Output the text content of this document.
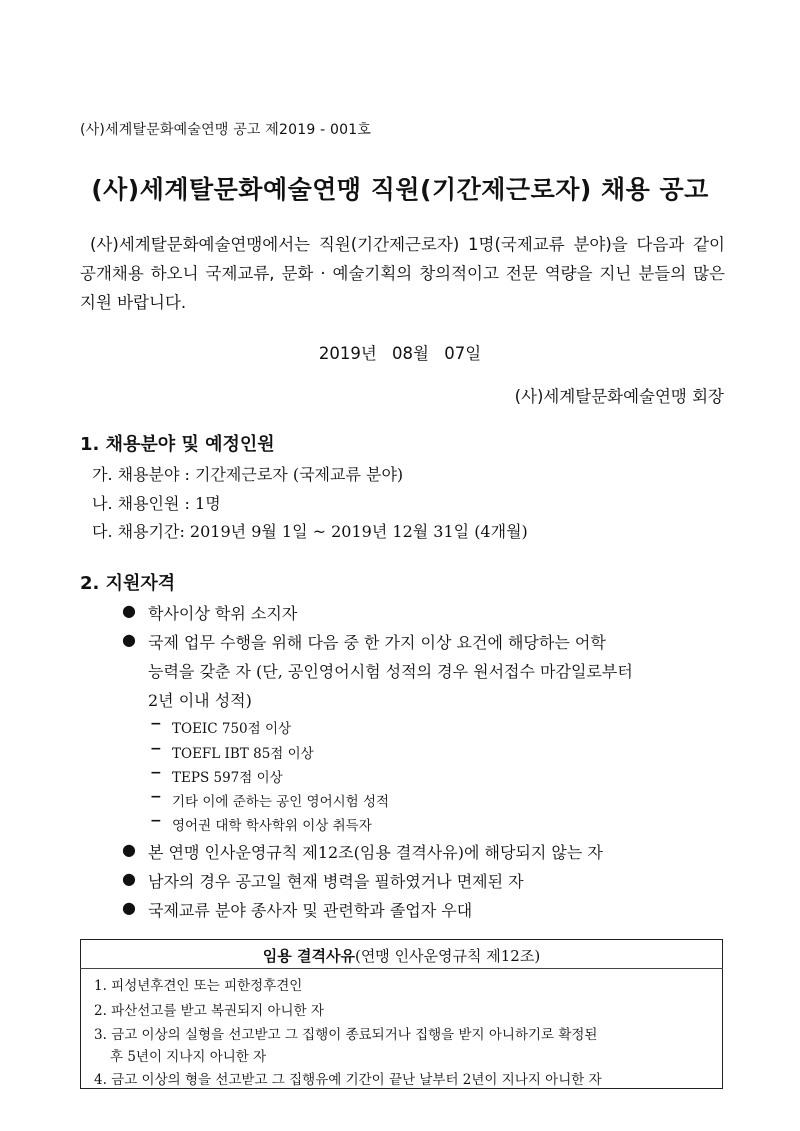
(사)세계탈문화예술연맹 공고 제2019 - 001호
(사)세계탈문화예술연맹 직원(기간제근로자) 채용 공고
(사)세계탈문화예술연맹에서는 직원(기간제근로자) 1명(국제교류 분야)을 다음과 같이 공개채용 하오니 국제교류, 문화 · 예술기획의 창의적이고 전문 역량을 지닌 분들의 많은 지원 바랍니다.
2019년 08월 07일
(사)세계탈문화예술연맹 회장
1. 채용분야 및 예정인원
가. 채용분야 : 기간제근로자 (국제교류 분야)
나. 채용인원 : 1명
다. 채용기간: 2019년 9월 1일 ~ 2019년 12월 31일 (4개월)
2. 지원자격
● 학사이상 학위 소지자
● 국제 업무 수행을 위해 다음 중 한 가지 이상 요건에 해당하는 어학
능력을 갖춘 자 (단, 공인영어시험 성적의 경우 원서접수 마감일로부터
2년 이내 성적)
− TOEIC 750점 이상
− TOEFL IBT 85점 이상
− TEPS 597점 이상
− 기타 이에 준하는 공인 영어시험 성적
− 영어권 대학 학사학위 이상 취득자
● 본 연맹 인사운영규칙 제12조(임용 결격사유)에 해당되지 않는 자
● 남자의 경우 공고일 현재 병력을 필하였거나 면제된 자
● 국제교류 분야 종사자 및 관련학과 졸업자 우대
임용 결격사유(연맹 인사운영규칙 제12조)
1. 피성년후견인 또는 피한정후견인
2. 파산선고를 받고 복권되지 아니한 자
3. 금고 이상의 실형을 선고받고 그 집행이 종료되거나 집행을 받지 아니하기로 확정된
후 5년이 지나지 아니한 자
4. 금고 이상의 형을 선고받고 그 집행유예 기간이 끝난 날부터 2년이 지나지 아니한 자
